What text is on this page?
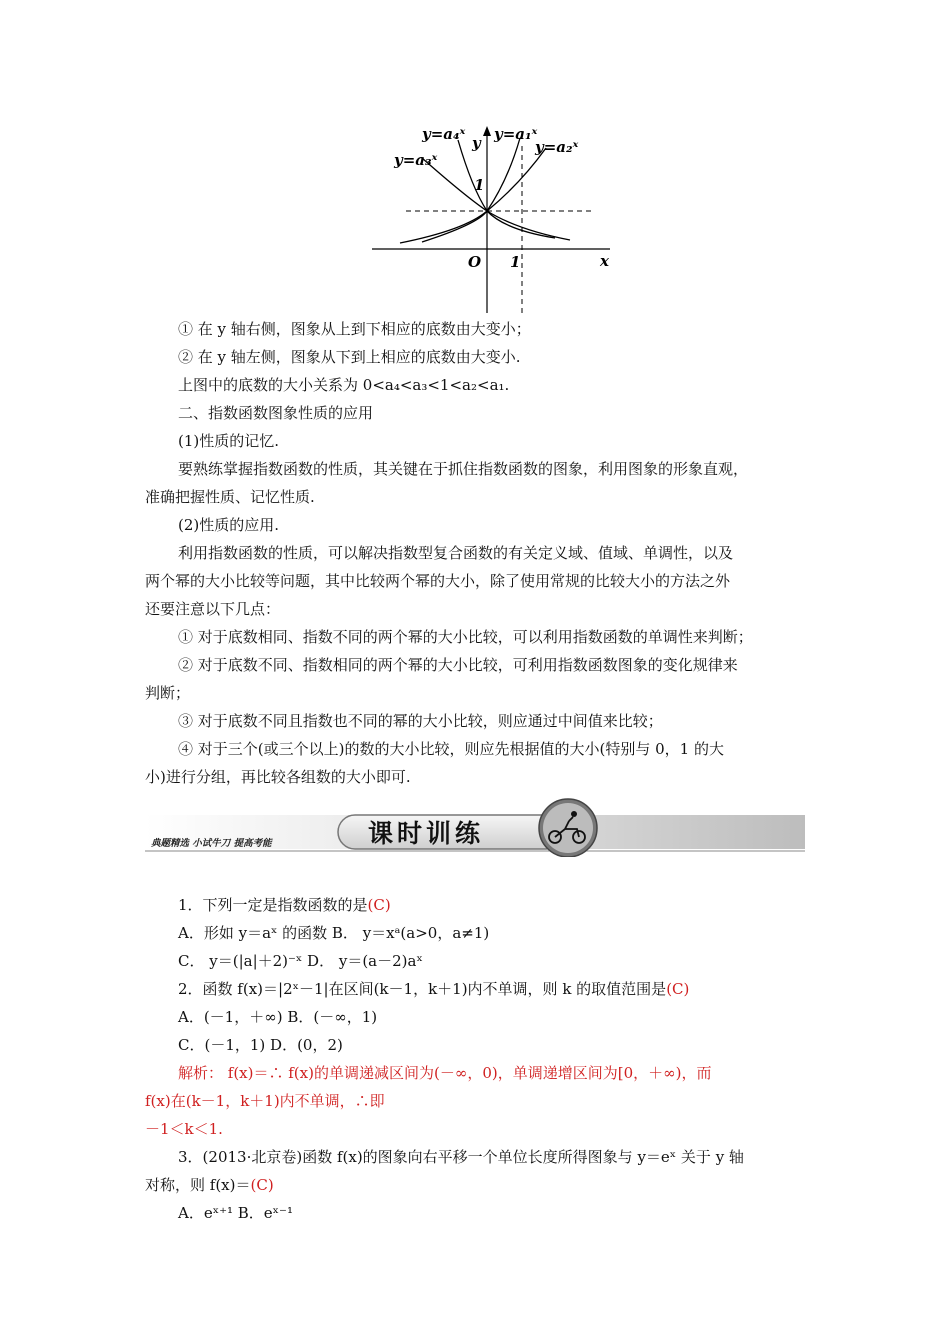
y=a₄ˣ y=a₁ˣ
y=a₂ˣ
y=a₃ˣ
y
1
O 1	x
① 在 y 轴右侧，图象从上到下相应的底数由大变小；
② 在 y 轴左侧，图象从下到上相应的底数由大变小.
上图中的底数的大小关系为 0<a₄<a₃<1<a₂<a₁.
二、指数函数图象性质的应用
(1)性质的记忆.
要熟练掌握指数函数的性质，其关键在于抓住指数函数的图象，利用图象的形象直观，
准确把握性质、记忆性质.
(2)性质的应用.
利用指数函数的性质，可以解决指数型复合函数的有关定义域、值域、单调性，以及
两个幂的大小比较等问题，其中比较两个幂的大小，除了使用常规的比较大小的方法之外
还要注意以下几点：
① 对于底数相同、指数不同的两个幂的大小比较，可以利用指数函数的单调性来判断；
② 对于底数不同、指数相同的两个幂的大小比较，可利用指数函数图象的变化规律来
判断；
③ 对于底数不同且指数也不同的幂的大小比较，则应通过中间值来比较；
④ 对于三个(或三个以上)的数的大小比较，则应先根据值的大小(特别与 0，1 的大
小)进行分组，再比较各组数的大小即可.
典题精选 小试牛刀 提高考能	课时训练
1．下列一定是指数函数的是(C)
A．形如 y＝aˣ 的函数 B． y＝xᵃ(a>0，a≠1)
C． y＝(|a|＋2)⁻ˣ D． y＝(a－2)aˣ
2．函数 f(x)＝|2ˣ－1|在区间(k－1，k＋1)内不单调，则 k 的取值范围是(C)
A．(－1，＋∞) B．(－∞，1)
C．(－1，1) D．(0，2)
解析： f(x)＝∴ f(x)的单调递减区间为(－∞，0)，单调递增区间为[0，＋∞)，而
f(x)在(k－1，k＋1)内不单调，∴即
－1＜k＜1.
3．(2013·北京卷)函数 f(x)的图象向右平移一个单位长度所得图象与 y＝eˣ 关于 y 轴
对称，则 f(x)＝(C)
A．eˣ⁺¹ B．eˣ⁻¹
